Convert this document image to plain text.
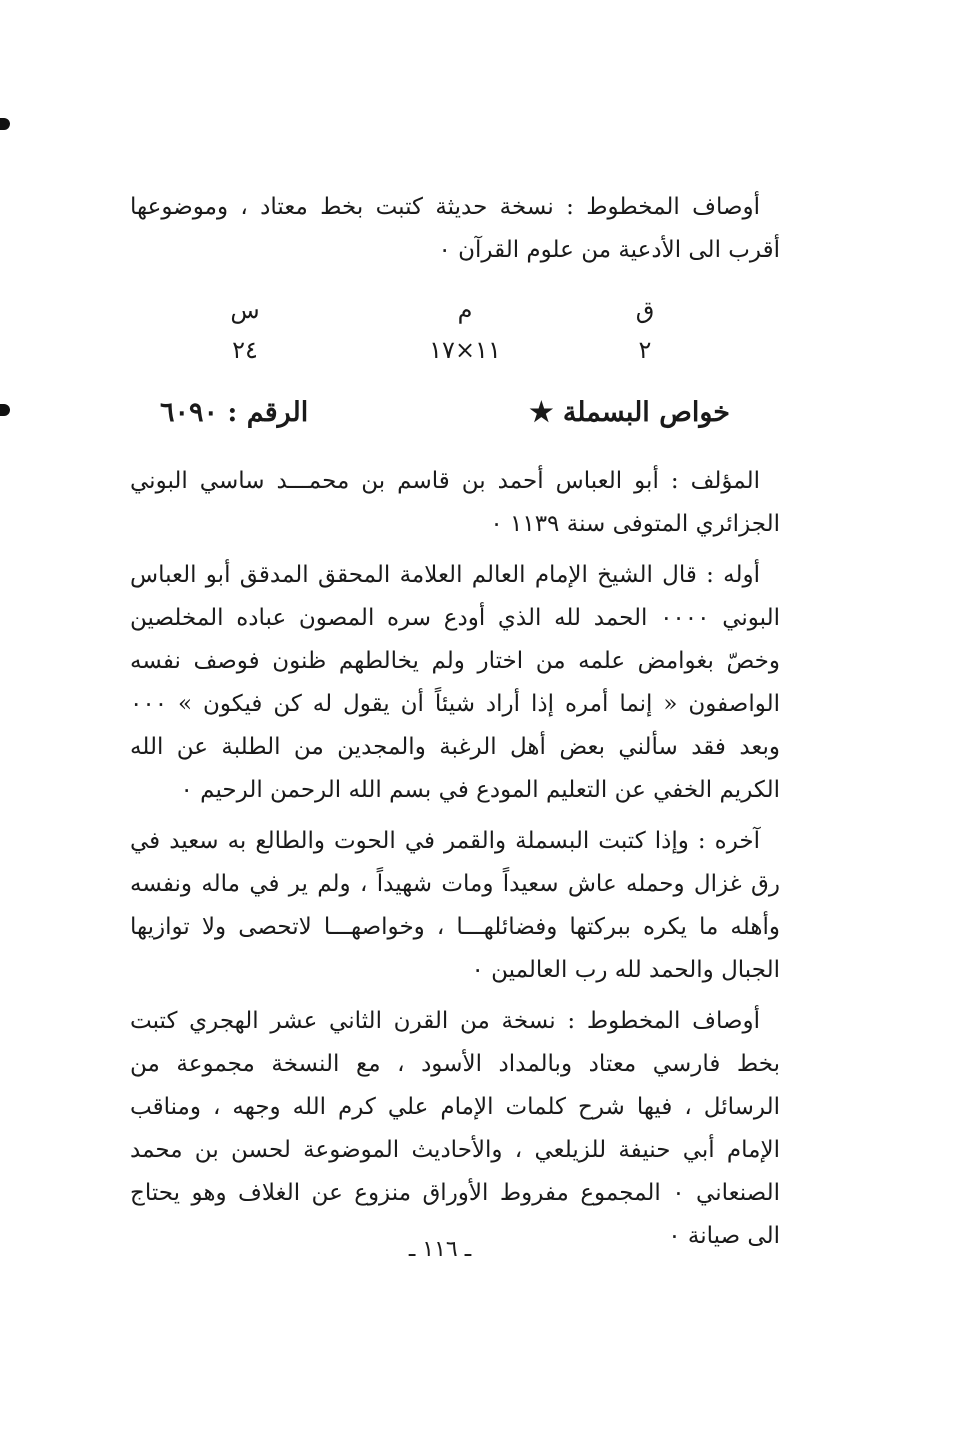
أوصاف المخطوط : نسخة حديثة كتبت بخط معتاد ، وموضوعها أقرب الى الأدعية من علوم القرآن ٠

ق
٢
م
١١×١٧
س
٢٤
خواص البسملة ★
الرقم : ٦٠٩٠

المؤلف : أبو العباس أحمد بن قاسم بن محمـــد ساسي البوني الجزائري المتوفى سنة ١١٣٩ ٠

أوله : قال الشيخ الإمام العالم العلامة المحقق المدقق أبو العباس البوني ٠٠٠٠ الحمد لله الذي أودع سره المصون عباده المخلصين وخصّ بغوامض علمه من اختار ولم يخالطهم ظنون فوصف نفسه الواصفون « إنما أمره إذا أراد شيئاً أن يقول له كن فيكون » ٠٠٠ وبعد فقد سألني بعض أهل الرغبة والمجدين من الطلبة عن الله الكريم الخفي عن التعليم المودع في بسم الله الرحمن الرحيم ٠

آخره : وإذا كتبت البسملة والقمر في الحوت والطالع به سعيد في رق غزال وحمله عاش سعيداً ومات شهيداً ، ولم ير في ماله ونفسه وأهله ما يكره ببركتها وفضائلهـــا ، وخواصهـــا لاتحصى ولا توازيها الجبال والحمد لله رب العالمين ٠

أوصاف المخطوط : نسخة من القرن الثاني عشر الهجري كتبت بخط فارسي معتاد وبالمداد الأسود ، مع النسخة مجموعة من الرسائل ، فيها شرح كلمات الإمام علي كرم الله وجهه ، ومناقب الإمام أبي حنيفة للزيلعي ، والأحاديث الموضوعة لحسن بن محمد الصنعاني ٠ المجموع مفروط الأوراق منزوع عن الغلاف وهو يحتاج الى صيانة ٠

ـ ١١٦ ـ
